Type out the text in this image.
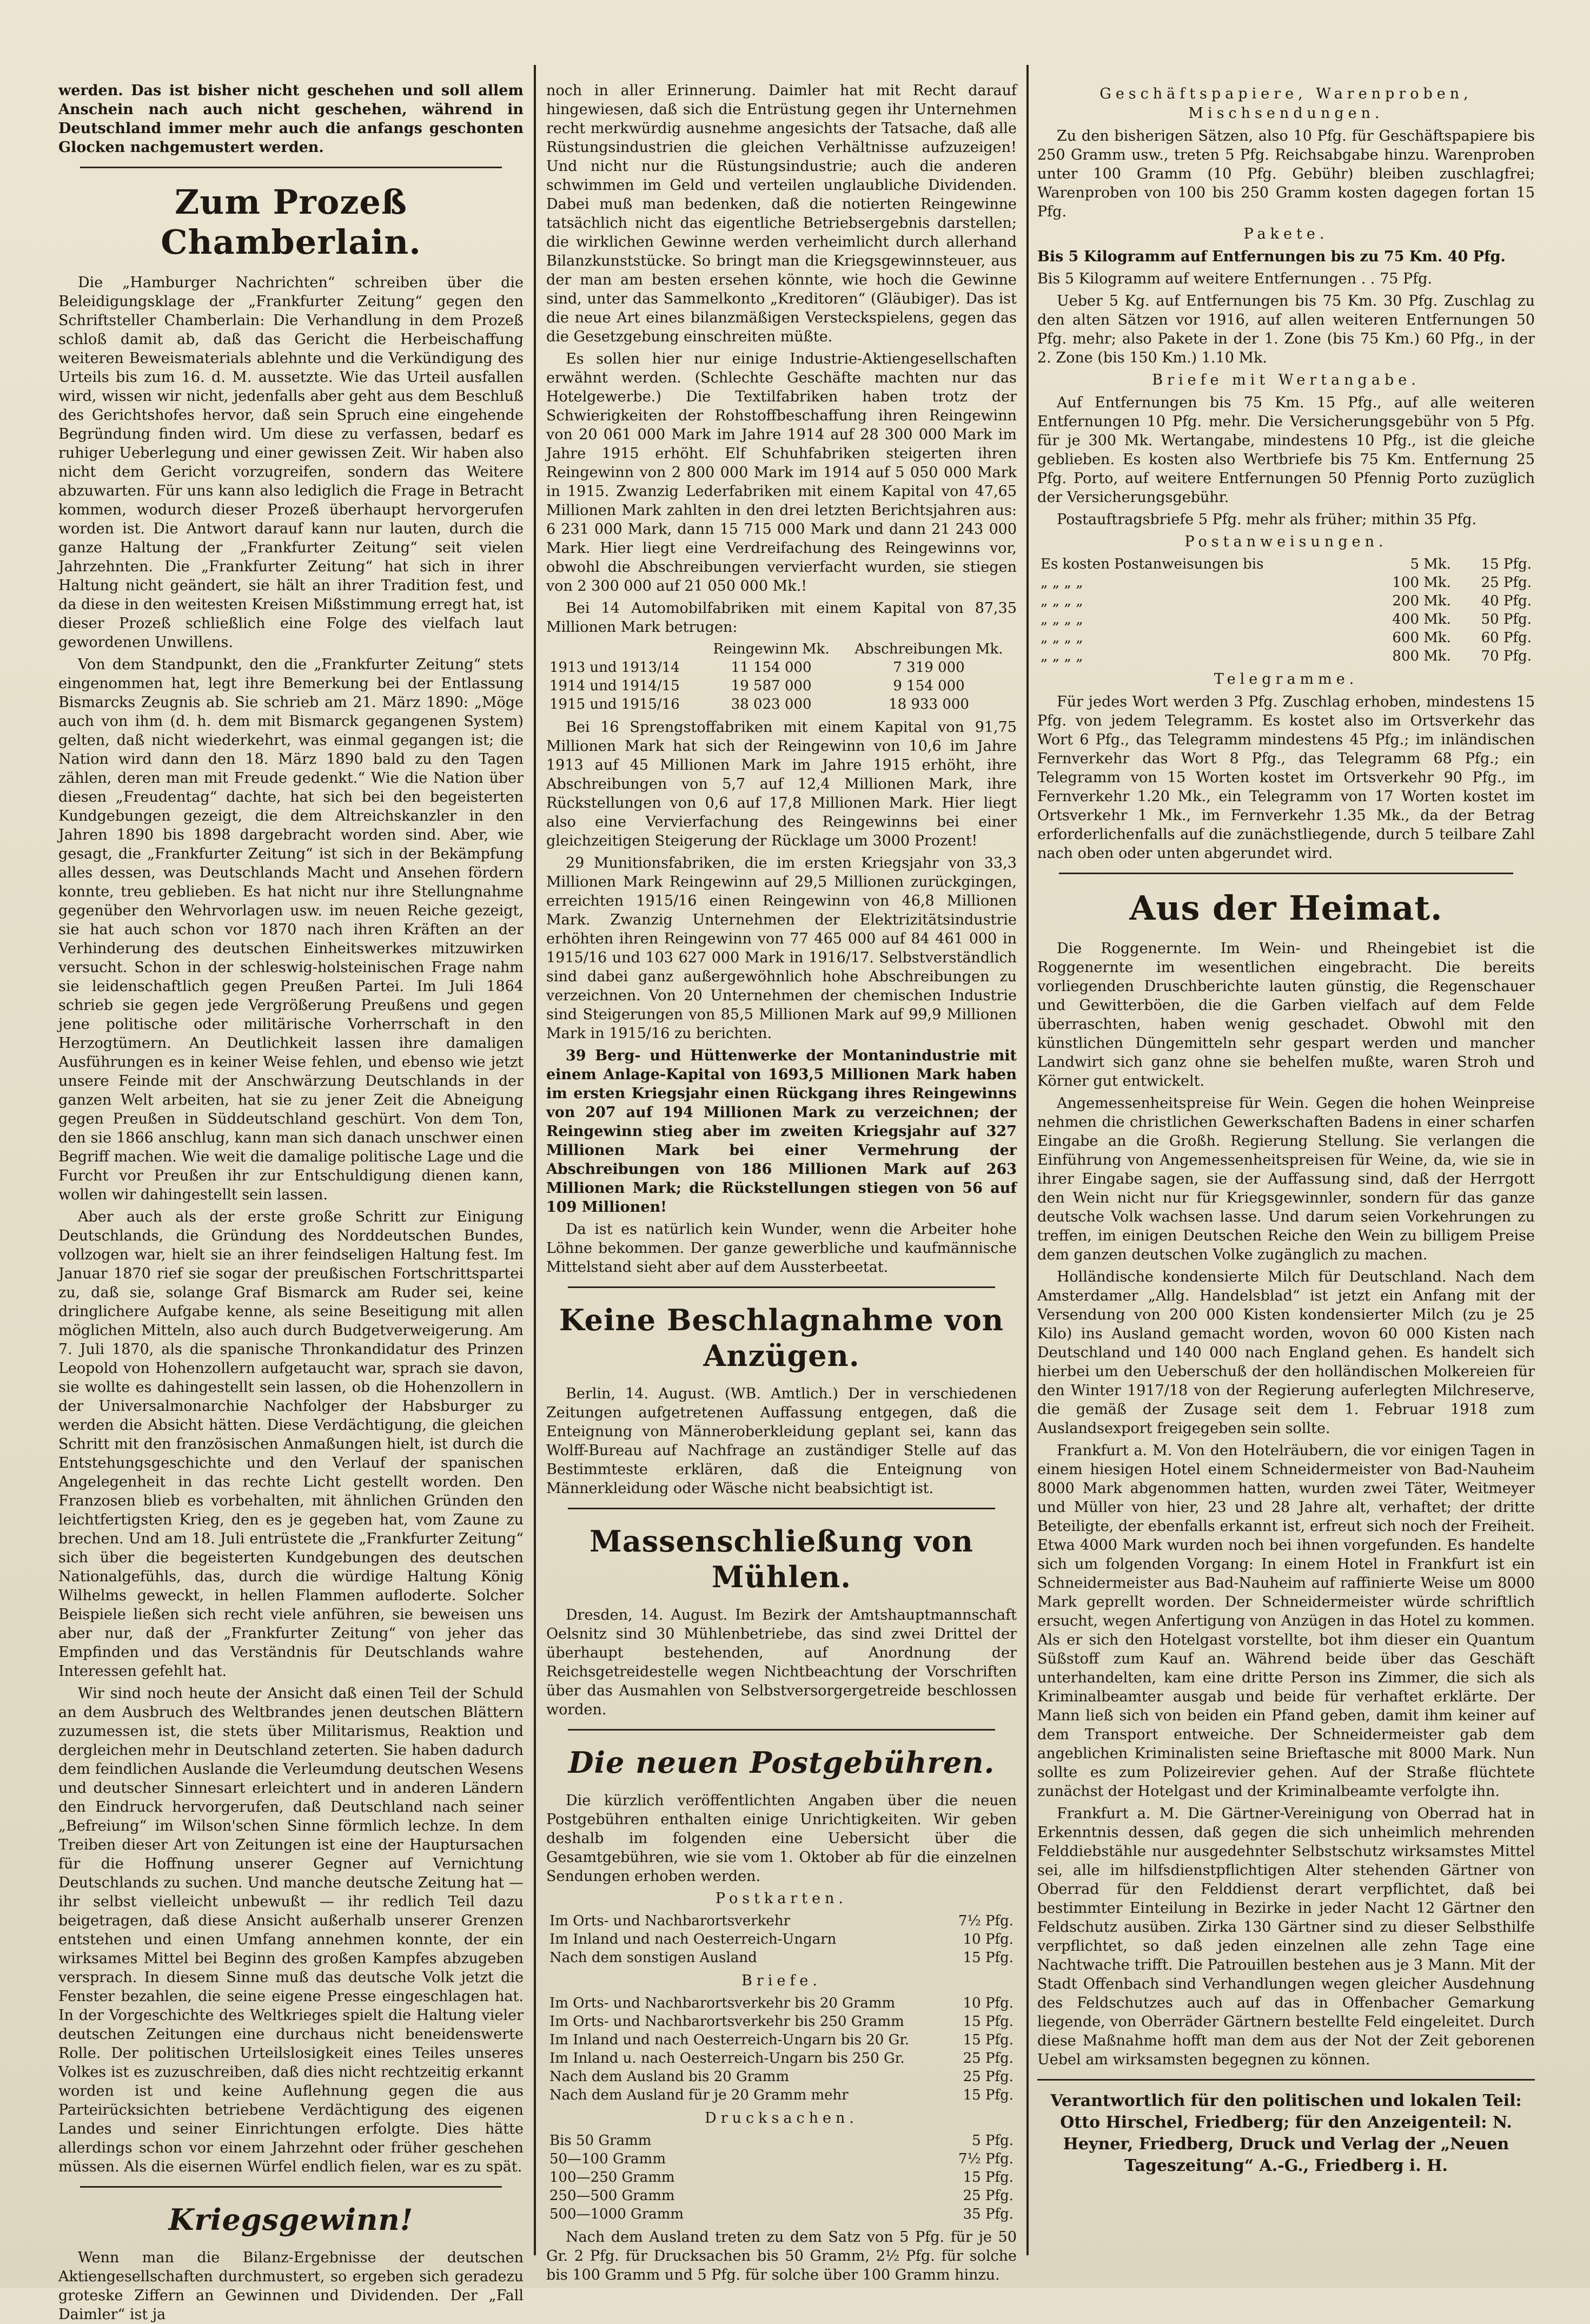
werden. Das ist bisher nicht geschehen und soll allem Anschein nach auch nicht geschehen, während in Deutschland immer mehr auch die anfangs geschonten Glocken nachgemustert werden.

Zum Prozeß Chamberlain.

Die „Hamburger Nachrichten“ schreiben über die Beleidigungsklage der „Frankfurter Zeitung“ gegen den Schriftsteller Chamberlain: Die Verhandlung in dem Prozeß schloß damit ab, daß das Gericht die Herbeischaffung weiteren Beweismaterials ablehnte und die Verkündigung des Urteils bis zum 16. d. M. aussetzte. Wie das Urteil ausfallen wird, wissen wir nicht, jedenfalls aber geht aus dem Beschluß des Gerichtshofes hervor, daß sein Spruch eine eingehende Begründung finden wird. Um diese zu verfassen, bedarf es ruhiger Ueberlegung und einer gewissen Zeit. Wir haben also nicht dem Gericht vorzugreifen, sondern das Weitere abzuwarten. Für uns kann also lediglich die Frage in Betracht kommen, wodurch dieser Prozeß überhaupt hervorgerufen worden ist. Die Antwort darauf kann nur lauten, durch die ganze Haltung der „Frankfurter Zeitung“ seit vielen Jahrzehnten. Die „Frankfurter Zeitung“ hat sich in ihrer Haltung nicht geändert, sie hält an ihrer Tradition fest, und da diese in den weitesten Kreisen Mißstimmung erregt hat, ist dieser Prozeß schließlich eine Folge des vielfach laut gewordenen Unwillens.

Von dem Standpunkt, den die „Frankfurter Zeitung“ stets eingenommen hat, legt ihre Bemerkung bei der Entlassung Bismarcks Zeugnis ab. Sie schrieb am 21. März 1890: „Möge auch von ihm (d. h. dem mit Bismarck gegangenen System) gelten, daß nicht wiederkehrt, was einmal gegangen ist; die Nation wird dann den 18. März 1890 bald zu den Tagen zählen, deren man mit Freude gedenkt.“ Wie die Nation über diesen „Freudentag“ dachte, hat sich bei den begeisterten Kundgebungen gezeigt, die dem Altreichskanzler in den Jahren 1890 bis 1898 dargebracht worden sind. Aber, wie gesagt, die „Frankfurter Zeitung“ ist sich in der Bekämpfung alles dessen, was Deutschlands Macht und Ansehen fördern konnte, treu geblieben. Es hat nicht nur ihre Stellungnahme gegenüber den Wehrvorlagen usw. im neuen Reiche gezeigt, sie hat auch schon vor 1870 nach ihren Kräften an der Verhinderung des deutschen Einheitswerkes mitzuwirken versucht. Schon in der schleswig-holsteinischen Frage nahm sie leidenschaftlich gegen Preußen Partei. Im Juli 1864 schrieb sie gegen jede Vergrößerung Preußens und gegen jene politische oder militärische Vorherrschaft in den Herzogtümern. An Deutlichkeit lassen ihre damaligen Ausführungen es in keiner Weise fehlen, und ebenso wie jetzt unsere Feinde mit der Anschwärzung Deutschlands in der ganzen Welt arbeiten, hat sie zu jener Zeit die Abneigung gegen Preußen in Süddeutschland geschürt. Von dem Ton, den sie 1866 anschlug, kann man sich danach unschwer einen Begriff machen. Wie weit die damalige politische Lage und die Furcht vor Preußen ihr zur Entschuldigung dienen kann, wollen wir dahingestellt sein lassen.

Aber auch als der erste große Schritt zur Einigung Deutschlands, die Gründung des Norddeutschen Bundes, vollzogen war, hielt sie an ihrer feindseligen Haltung fest. Im Januar 1870 rief sie sogar der preußischen Fortschrittspartei zu, daß sie, solange Graf Bismarck am Ruder sei, keine dringlichere Aufgabe kenne, als seine Beseitigung mit allen möglichen Mitteln, also auch durch Budgetverweigerung. Am 7. Juli 1870, als die spanische Thronkandidatur des Prinzen Leopold von Hohenzollern aufgetaucht war, sprach sie davon, sie wollte es dahingestellt sein lassen, ob die Hohenzollern in der Universalmonarchie Nachfolger der Habsburger zu werden die Absicht hätten. Diese Verdächtigung, die gleichen Schritt mit den französischen Anmaßungen hielt, ist durch die Entstehungsgeschichte und den Verlauf der spanischen Angelegenheit in das rechte Licht gestellt worden. Den Franzosen blieb es vorbehalten, mit ähnlichen Gründen den leichtfertigsten Krieg, den es je gegeben hat, vom Zaune zu brechen. Und am 18. Juli entrüstete die „Frankfurter Zeitung“ sich über die begeisterten Kundgebungen des deutschen Nationalgefühls, das, durch die würdige Haltung König Wilhelms geweckt, in hellen Flammen aufloderte. Solcher Beispiele ließen sich recht viele anführen, sie beweisen uns aber nur, daß der „Frankfurter Zeitung“ von jeher das Empfinden und das Verständnis für Deutschlands wahre Interessen gefehlt hat.

Wir sind noch heute der Ansicht daß einen Teil der Schuld an dem Ausbruch des Weltbrandes jenen deutschen Blättern zuzumessen ist, die stets über Militarismus, Reaktion und dergleichen mehr in Deutschland zeterten. Sie haben dadurch dem feindlichen Auslande die Verleumdung deutschen Wesens und deutscher Sinnesart erleichtert und in anderen Ländern den Eindruck hervorgerufen, daß Deutschland nach seiner „Befreiung“ im Wilson'schen Sinne förmlich lechze. In dem Treiben dieser Art von Zeitungen ist eine der Hauptursachen für die Hoffnung unserer Gegner auf Vernichtung Deutschlands zu suchen. Und manche deutsche Zeitung hat — ihr selbst vielleicht unbewußt — ihr redlich Teil dazu beigetragen, daß diese Ansicht außerhalb unserer Grenzen entstehen und einen Umfang annehmen konnte, der ein wirksames Mittel bei Beginn des großen Kampfes abzugeben versprach. In diesem Sinne muß das deutsche Volk jetzt die Fenster bezahlen, die seine eigene Presse eingeschlagen hat. In der Vorgeschichte des Weltkrieges spielt die Haltung vieler deutschen Zeitungen eine durchaus nicht beneidenswerte Rolle. Der politischen Urteilslosigkeit eines Teiles unseres Volkes ist es zuzuschreiben, daß dies nicht rechtzeitig erkannt worden ist und keine Auflehnung gegen die aus Parteirücksichten betriebene Verdächtigung des eigenen Landes und seiner Einrichtungen erfolgte. Dies hätte allerdings schon vor einem Jahrzehnt oder früher geschehen müssen. Als die eisernen Würfel endlich fielen, war es zu spät.

Kriegsgewinn!

Wenn man die Bilanz-Ergebnisse der deutschen Aktiengesellschaften durchmustert, so ergeben sich geradezu groteske Ziffern an Gewinnen und Dividenden. Der „Fall Daimler“ ist ja

noch in aller Erinnerung. Daimler hat mit Recht darauf hingewiesen, daß sich die Entrüstung gegen ihr Unternehmen recht merkwürdig ausnehme angesichts der Tatsache, daß alle Rüstungsindustrien die gleichen Verhältnisse aufzuzeigen! Und nicht nur die Rüstungsindustrie; auch die anderen schwimmen im Geld und verteilen unglaubliche Dividenden. Dabei muß man bedenken, daß die notierten Reingewinne tatsächlich nicht das eigentliche Betriebsergebnis darstellen; die wirklichen Gewinne werden verheimlicht durch allerhand Bilanzkunststücke. So bringt man die Kriegsgewinnsteuer, aus der man am besten ersehen könnte, wie hoch die Gewinne sind, unter das Sammelkonto „Kreditoren“ (Gläubiger). Das ist die neue Art eines bilanzmäßigen Versteckspielens, gegen das die Gesetzgebung einschreiten müßte.

Es sollen hier nur einige Industrie-Aktiengesellschaften erwähnt werden. (Schlechte Geschäfte machten nur das Hotelgewerbe.) Die Textilfabriken haben trotz der Schwierigkeiten der Rohstoffbeschaffung ihren Reingewinn von 20 061 000 Mark im Jahre 1914 auf 28 300 000 Mark im Jahre 1915 erhöht. Elf Schuhfabriken steigerten ihren Reingewinn von 2 800 000 Mark im 1914 auf 5 050 000 Mark in 1915. Zwanzig Lederfabriken mit einem Kapital von 47,65 Millionen Mark zahlten in den drei letzten Berichtsjahren aus: 6 231 000 Mark, dann 15 715 000 Mark und dann 21 243 000 Mark. Hier liegt eine Verdreifachung des Reingewinns vor, obwohl die Abschreibungen vervierfacht wurden, sie stiegen von 2 300 000 auf 21 050 000 Mk.!

Bei 14 Automobilfabriken mit einem Kapital von 87,35 Millionen Mark betrugen:

	Reingewinn Mk.	Abschreibungen Mk.
1913 und 1913/14	11 154 000	7 319 000
1914 und 1914/15	19 587 000	9 154 000
1915 und 1915/16	38 023 000	18 933 000

Bei 16 Sprengstoffabriken mit einem Kapital von 91,75 Millionen Mark hat sich der Reingewinn von 10,6 im Jahre 1913 auf 45 Millionen Mark im Jahre 1915 erhöht, ihre Abschreibungen von 5,7 auf 12,4 Millionen Mark, ihre Rückstellungen von 0,6 auf 17,8 Millionen Mark. Hier liegt also eine Vervierfachung des Reingewinns bei einer gleichzeitigen Steigerung der Rücklage um 3000 Prozent!

29 Munitionsfabriken, die im ersten Kriegsjahr von 33,3 Millionen Mark Reingewinn auf 29,5 Millionen zurückgingen, erreichten 1915/16 einen Reingewinn von 46,8 Millionen Mark. Zwanzig Unternehmen der Elektrizitätsindustrie erhöhten ihren Reingewinn von 77 465 000 auf 84 461 000 in 1915/16 und 103 627 000 Mark in 1916/17. Selbstverständlich sind dabei ganz außergewöhnlich hohe Abschreibungen zu verzeichnen. Von 20 Unternehmen der chemischen Industrie sind Steigerungen von 85,5 Millionen Mark auf 99,9 Millionen Mark in 1915/16 zu berichten.

39 Berg- und Hüttenwerke der Montanindustrie mit einem Anlage-Kapital von 1693,5 Millionen Mark haben im ersten Kriegsjahr einen Rückgang ihres Reingewinns von 207 auf 194 Millionen Mark zu verzeichnen; der Reingewinn stieg aber im zweiten Kriegsjahr auf 327 Millionen Mark bei einer Vermehrung der Abschreibungen von 186 Millionen Mark auf 263 Millionen Mark; die Rückstellungen stiegen von 56 auf 109 Millionen!

Da ist es natürlich kein Wunder, wenn die Arbeiter hohe Löhne bekommen. Der ganze gewerbliche und kaufmännische Mittelstand sieht aber auf dem Aussterbeetat.

Keine Beschlagnahme von Anzügen.

Berlin, 14. August. (WB. Amtlich.) Der in verschiedenen Zeitungen aufgetretenen Auffassung entgegen, daß die Enteignung von Männeroberkleidung geplant sei, kann das Wolff-Bureau auf Nachfrage an zuständiger Stelle auf das Bestimmteste erklären, daß die Enteignung von Männerkleidung oder Wäsche nicht beabsichtigt ist.

Massenschließung von Mühlen.

Dresden, 14. August. Im Bezirk der Amtshauptmannschaft Oelsnitz sind 30 Mühlenbetriebe, das sind zwei Drittel der überhaupt bestehenden, auf Anordnung der Reichsgetreidestelle wegen Nichtbeachtung der Vorschriften über das Ausmahlen von Selbstversorgergetreide beschlossen worden.

Die neuen Postgebühren.

Die kürzlich veröffentlichten Angaben über die neuen Postgebühren enthalten einige Unrichtigkeiten. Wir geben deshalb im folgenden eine Uebersicht über die Gesamtgebühren, wie sie vom 1. Oktober ab für die einzelnen Sendungen erhoben werden.

Postkarten.
Im Orts- und Nachbarortsverkehr	7½ Pfg.
Im Inland und nach Oesterreich-Ungarn	10 Pfg.
Nach dem sonstigen Ausland	15 Pfg.
Briefe.
Im Orts- und Nachbarortsverkehr bis 20 Gramm	10 Pfg.
Im Orts- und Nachbarortsverkehr bis 250 Gramm	15 Pfg.
Im Inland und nach Oesterreich-Ungarn bis 20 Gr.	15 Pfg.
Im Inland u. nach Oesterreich-Ungarn bis 250 Gr.	25 Pfg.
Nach dem Ausland bis 20 Gramm	25 Pfg.
Nach dem Ausland für je 20 Gramm mehr	15 Pfg.
Drucksachen.
Bis 50 Gramm	5 Pfg.
50—100 Gramm	7½ Pfg.
100—250 Gramm	15 Pfg.
250—500 Gramm	25 Pfg.
500—1000 Gramm	35 Pfg.

Nach dem Ausland treten zu dem Satz von 5 Pfg. für je 50 Gr. 2 Pfg. für Drucksachen bis 50 Gramm, 2½ Pfg. für solche bis 100 Gramm und 5 Pfg. für solche über 100 Gramm hinzu.

Geschäftspapiere, Warenproben, Mischsendungen.

Zu den bisherigen Sätzen, also 10 Pfg. für Geschäftspapiere bis 250 Gramm usw., treten 5 Pfg. Reichsabgabe hinzu. Warenproben unter 100 Gramm (10 Pfg. Gebühr) bleiben zuschlagfrei; Warenproben von 100 bis 250 Gramm kosten dagegen fortan 15 Pfg.

Pakete.

Bis 5 Kilogramm auf Entfernungen bis zu 75 Km. 40 Pfg.

Bis 5 Kilogramm auf weitere Entfernungen . . 75 Pfg.

Ueber 5 Kg. auf Entfernungen bis 75 Km. 30 Pfg. Zuschlag zu den alten Sätzen vor 1916, auf allen weiteren Entfernungen 50 Pfg. mehr; also Pakete in der 1. Zone (bis 75 Km.) 60 Pfg., in der 2. Zone (bis 150 Km.) 1.10 Mk.

Briefe mit Wertangabe.

Auf Entfernungen bis 75 Km. 15 Pfg., auf alle weiteren Entfernungen 10 Pfg. mehr. Die Versicherungsgebühr von 5 Pfg. für je 300 Mk. Wertangabe, mindestens 10 Pfg., ist die gleiche geblieben. Es kosten also Wertbriefe bis 75 Km. Entfernung 25 Pfg. Porto, auf weitere Entfernungen 50 Pfennig Porto zuzüglich der Versicherungsgebühr.

Postauftragsbriefe 5 Pfg. mehr als früher; mithin 35 Pfg.

Postanweisungen.
Es kosten Postanweisungen bis	5 Mk.	15 Pfg.
„ „ „ „	100 Mk.	25 Pfg.
„ „ „ „	200 Mk.	40 Pfg.
„ „ „ „	400 Mk.	50 Pfg.
„ „ „ „	600 Mk.	60 Pfg.
„ „ „ „	800 Mk.	70 Pfg.
Telegramme.

Für jedes Wort werden 3 Pfg. Zuschlag erhoben, mindestens 15 Pfg. von jedem Telegramm. Es kostet also im Ortsverkehr das Wort 6 Pfg., das Telegramm mindestens 45 Pfg.; im inländischen Fernverkehr das Wort 8 Pfg., das Telegramm 68 Pfg.; ein Telegramm von 15 Worten kostet im Ortsverkehr 90 Pfg., im Fernverkehr 1.20 Mk., ein Telegramm von 17 Worten kostet im Ortsverkehr 1 Mk., im Fernverkehr 1.35 Mk., da der Betrag erforderlichenfalls auf die zunächstliegende, durch 5 teilbare Zahl nach oben oder unten abgerundet wird.

Aus der Heimat.

Die Roggenernte. Im Wein- und Rheingebiet ist die Roggenernte im wesentlichen eingebracht. Die bereits vorliegenden Druschberichte lauten günstig, die Regenschauer und Gewitterböen, die die Garben vielfach auf dem Felde überraschten, haben wenig geschadet. Obwohl mit den künstlichen Düngemitteln sehr gespart werden und mancher Landwirt sich ganz ohne sie behelfen mußte, waren Stroh und Körner gut entwickelt.

Angemessenheitspreise für Wein. Gegen die hohen Weinpreise nehmen die christlichen Gewerkschaften Badens in einer scharfen Eingabe an die Großh. Regierung Stellung. Sie verlangen die Einführung von Angemessenheitspreisen für Weine, da, wie sie in ihrer Eingabe sagen, sie der Auffassung sind, daß der Herrgott den Wein nicht nur für Kriegsgewinnler, sondern für das ganze deutsche Volk wachsen lasse. Und darum seien Vorkehrungen zu treffen, im einigen Deutschen Reiche den Wein zu billigem Preise dem ganzen deutschen Volke zugänglich zu machen.

Holländische kondensierte Milch für Deutschland. Nach dem Amsterdamer „Allg. Handelsblad“ ist jetzt ein Anfang mit der Versendung von 200 000 Kisten kondensierter Milch (zu je 25 Kilo) ins Ausland gemacht worden, wovon 60 000 Kisten nach Deutschland und 140 000 nach England gehen. Es handelt sich hierbei um den Ueberschuß der den holländischen Molkereien für den Winter 1917/18 von der Regierung auferlegten Milchreserve, die gemäß der Zusage seit dem 1. Februar 1918 zum Auslandsexport freigegeben sein sollte.

Frankfurt a. M. Von den Hotelräubern, die vor einigen Tagen in einem hiesigen Hotel einem Schneidermeister von Bad-Nauheim 8000 Mark abgenommen hatten, wurden zwei Täter, Weitmeyer und Müller von hier, 23 und 28 Jahre alt, verhaftet; der dritte Beteiligte, der ebenfalls erkannt ist, erfreut sich noch der Freiheit. Etwa 4000 Mark wurden noch bei ihnen vorgefunden. Es handelte sich um folgenden Vorgang: In einem Hotel in Frankfurt ist ein Schneidermeister aus Bad-Nauheim auf raffinierte Weise um 8000 Mark geprellt worden. Der Schneidermeister würde schriftlich ersucht, wegen Anfertigung von Anzügen in das Hotel zu kommen. Als er sich den Hotelgast vorstellte, bot ihm dieser ein Quantum Süßstoff zum Kauf an. Während beide über das Geschäft unterhandelten, kam eine dritte Person ins Zimmer, die sich als Kriminalbeamter ausgab und beide für verhaftet erklärte. Der Mann ließ sich von beiden ein Pfand geben, damit ihm keiner auf dem Transport entweiche. Der Schneidermeister gab dem angeblichen Kriminalisten seine Brieftasche mit 8000 Mark. Nun sollte es zum Polizeirevier gehen. Auf der Straße flüchtete zunächst der Hotelgast und der Kriminalbeamte verfolgte ihn.

Frankfurt a. M. Die Gärtner-Vereinigung von Oberrad hat in Erkenntnis dessen, daß gegen die sich unheimlich mehrenden Felddiebstähle nur ausgedehnter Selbstschutz wirksamstes Mittel sei, alle im hilfsdienstpflichtigen Alter stehenden Gärtner von Oberrad für den Felddienst derart verpflichtet, daß bei bestimmter Einteilung in Bezirke in jeder Nacht 12 Gärtner den Feldschutz ausüben. Zirka 130 Gärtner sind zu dieser Selbsthilfe verpflichtet, so daß jeden einzelnen alle zehn Tage eine Nachtwache trifft. Die Patrouillen bestehen aus je 3 Mann. Mit der Stadt Offenbach sind Verhandlungen wegen gleicher Ausdehnung des Feldschutzes auch auf das in Offenbacher Gemarkung liegende, von Oberräder Gärtnern bestellte Feld eingeleitet. Durch diese Maßnahme hofft man dem aus der Not der Zeit geborenen Uebel am wirksamsten begegnen zu können.

Verantwortlich für den politischen und lokalen Teil: Otto Hirschel, Friedberg; für den Anzeigenteil: N. Heyner, Friedberg, Druck und Verlag der „Neuen Tageszeitung“ A.-G., Friedberg i. H.
